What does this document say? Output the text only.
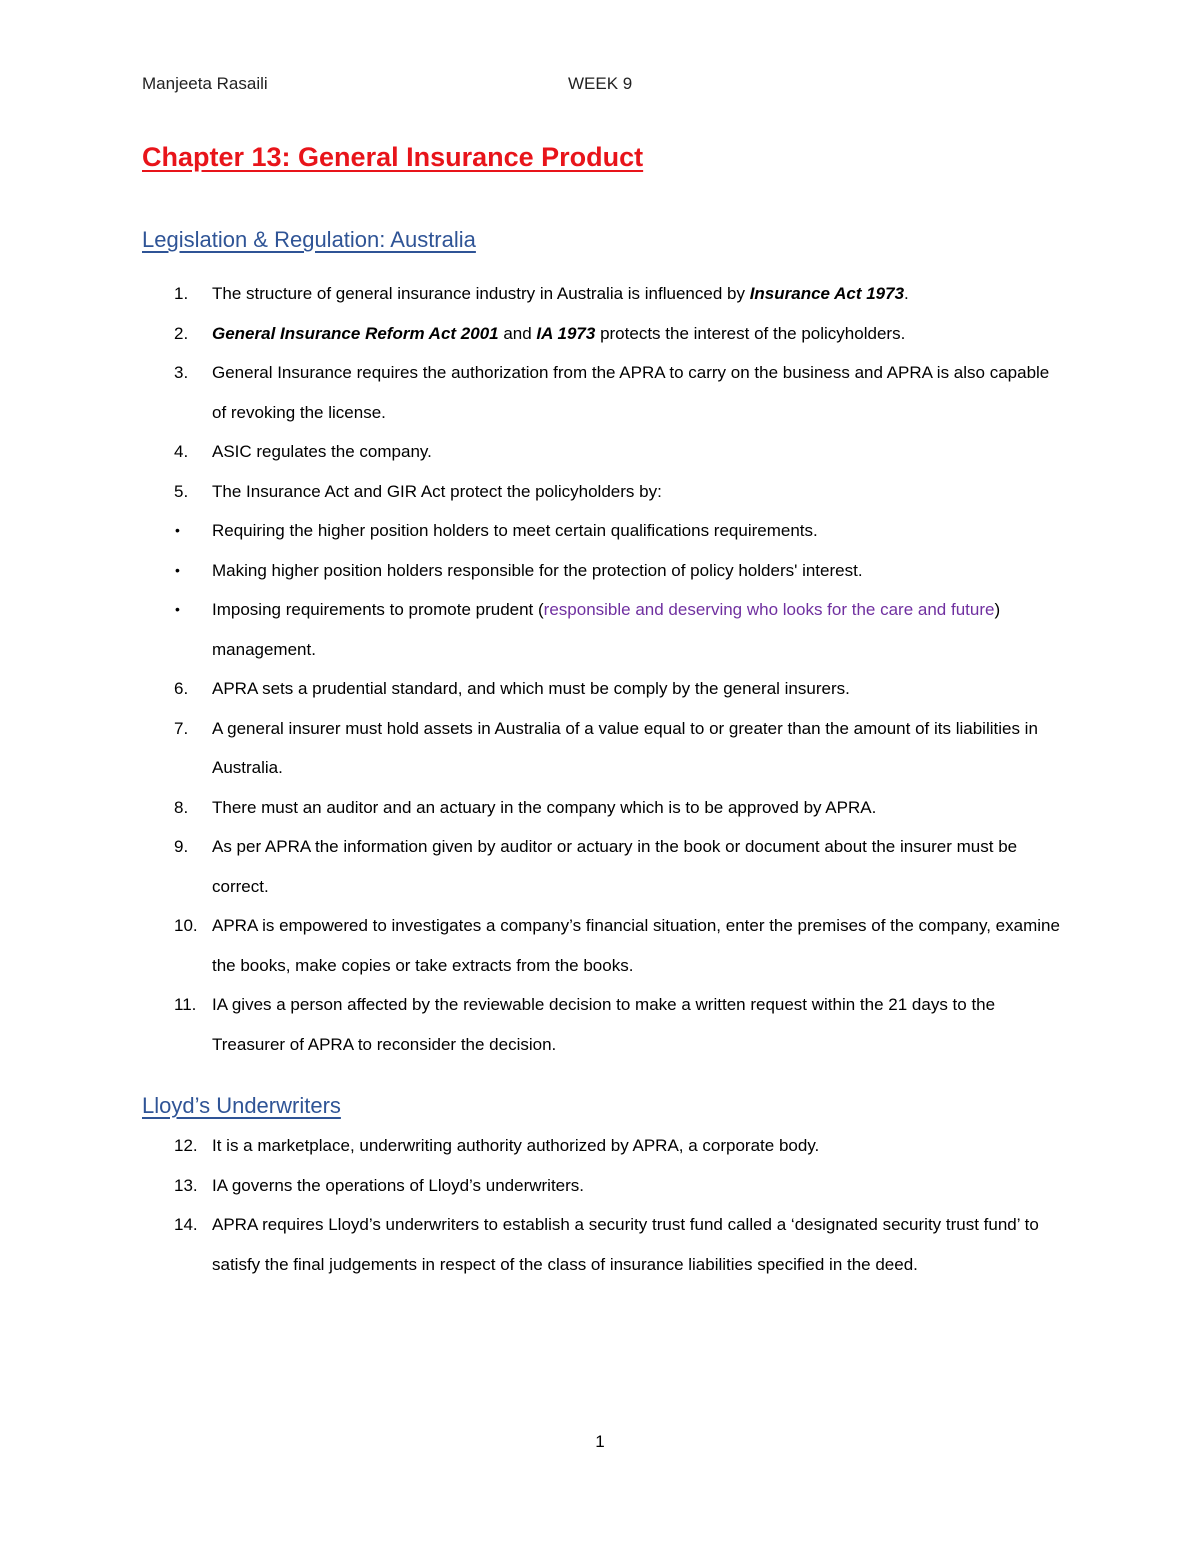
Manjeeta Rasaili	WEEK 9
Chapter 13: General Insurance Product
Legislation & Regulation: Australia
1.	The structure of general insurance industry in Australia is influenced by Insurance Act 1973.
2.	General Insurance Reform Act 2001 and IA 1973 protects the interest of the policyholders.
3.	General Insurance requires the authorization from the APRA to carry on the business and APRA is also capable of revoking the license.
4.	ASIC regulates the company.
5.	The Insurance Act and GIR Act protect the policyholders by:
•	Requiring the higher position holders to meet certain qualifications requirements.
•	Making higher position holders responsible for the protection of policy holders' interest.
•	Imposing requirements to promote prudent (responsible and deserving who looks for the care and future) management.
6.	APRA sets a prudential standard, and which must be comply by the general insurers.
7.	A general insurer must hold assets in Australia of a value equal to or greater than the amount of its liabilities in Australia.
8.	There must an auditor and an actuary in the company which is to be approved by APRA.
9.	As per APRA the information given by auditor or actuary in the book or document about the insurer must be correct.
10. APRA is empowered to investigates a company’s financial situation, enter the premises of the company, examine the books, make copies or take extracts from the books.
11. IA gives a person affected by the reviewable decision to make a written request within the 21 days to the Treasurer of APRA to reconsider the decision.
Lloyd’s Underwriters
12. It is a marketplace, underwriting authority authorized by APRA, a corporate body.
13. IA governs the operations of Lloyd’s underwriters.
14. APRA requires Lloyd’s underwriters to establish a security trust fund called a ‘designated security trust fund’ to satisfy the final judgements in respect of the class of insurance liabilities specified in the deed.
1
